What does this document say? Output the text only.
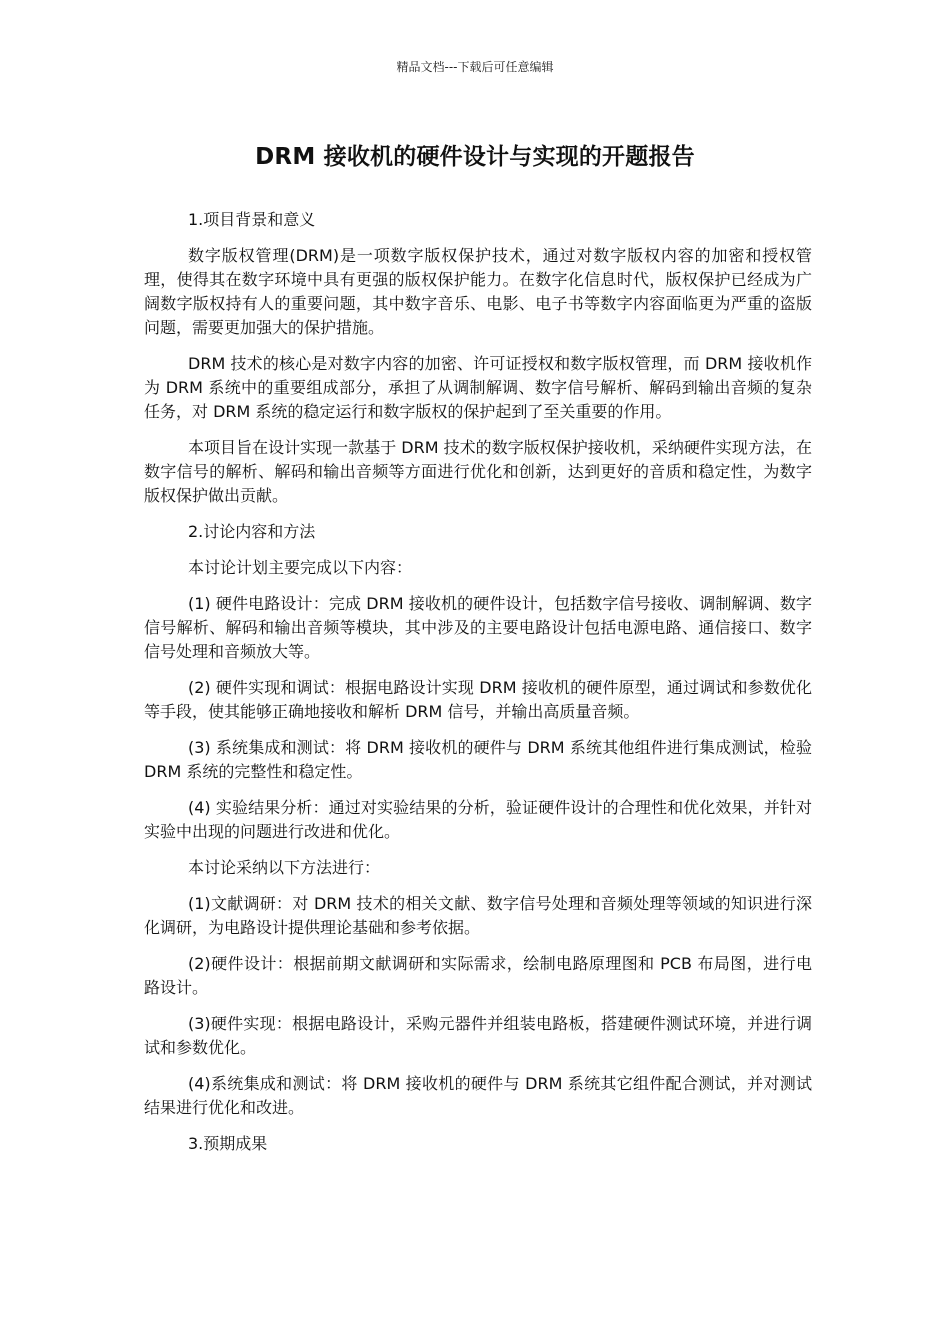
精品文档---下载后可任意编辑
DRM 接收机的硬件设计与实现的开题报告

1.项目背景和意义

数字版权管理(DRM)是一项数字版权保护技术，通过对数字版权内容的加密和授权管理，使得其在数字环境中具有更强的版权保护能力。在数字化信息时代，版权保护已经成为广阔数字版权持有人的重要问题，其中数字音乐、电影、电子书等数字内容面临更为严重的盗版问题，需要更加强大的保护措施。

DRM 技术的核心是对数字内容的加密、许可证授权和数字版权管理，而 DRM 接收机作为 DRM 系统中的重要组成部分，承担了从调制解调、数字信号解析、解码到输出音频的复杂任务，对 DRM 系统的稳定运行和数字版权的保护起到了至关重要的作用。

本项目旨在设计实现一款基于 DRM 技术的数字版权保护接收机，采纳硬件实现方法，在数字信号的解析、解码和输出音频等方面进行优化和创新，达到更好的音质和稳定性，为数字版权保护做出贡献。

2.讨论内容和方法

本讨论计划主要完成以下内容：

(1) 硬件电路设计：完成 DRM 接收机的硬件设计，包括数字信号接收、调制解调、数字信号解析、解码和输出音频等模块，其中涉及的主要电路设计包括电源电路、通信接口、数字信号处理和音频放大等。

(2) 硬件实现和调试：根据电路设计实现 DRM 接收机的硬件原型，通过调试和参数优化等手段，使其能够正确地接收和解析 DRM 信号，并输出高质量音频。

(3) 系统集成和测试：将 DRM 接收机的硬件与 DRM 系统其他组件进行集成测试，检验 DRM 系统的完整性和稳定性。

(4) 实验结果分析：通过对实验结果的分析，验证硬件设计的合理性和优化效果，并针对实验中出现的问题进行改进和优化。

本讨论采纳以下方法进行：

(1)文献调研：对 DRM 技术的相关文献、数字信号处理和音频处理等领域的知识进行深化调研，为电路设计提供理论基础和参考依据。

(2)硬件设计：根据前期文献调研和实际需求，绘制电路原理图和 PCB 布局图，进行电路设计。

(3)硬件实现：根据电路设计，采购元器件并组装电路板，搭建硬件测试环境，并进行调试和参数优化。

(4)系统集成和测试：将 DRM 接收机的硬件与 DRM 系统其它组件配合测试，并对测试结果进行优化和改进。

3.预期成果
